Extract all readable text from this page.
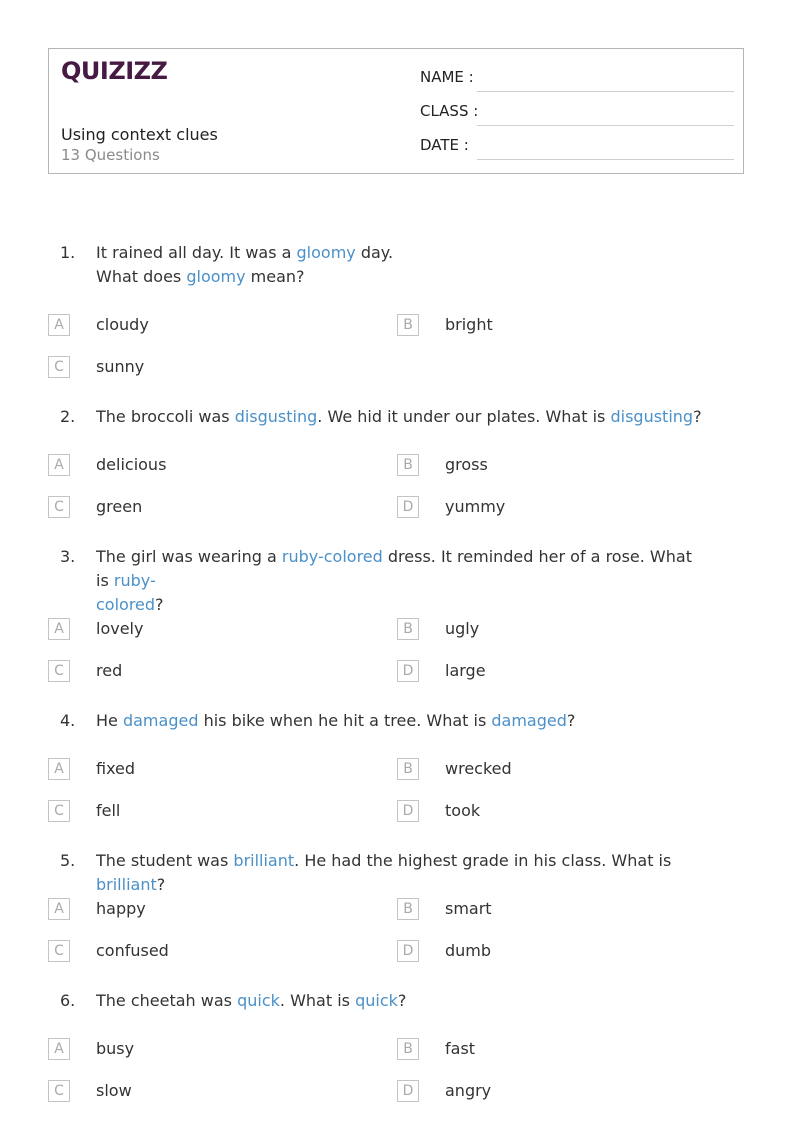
QUIZIZZ
Using context clues
13 Questions
NAME :
CLASS :
DATE :
1. It rained all day. It was a gloomy day.
What does gloomy mean?
A	cloudy	B	bright
C	sunny
2. The broccoli was disgusting. We hid it under our plates. What is disgusting?
A	delicious	B	gross
C	green	D	yummy
3. The girl was wearing a ruby-colored dress. It reminded her of a rose. What is ruby-
colored?
A	lovely	B	ugly
C	red	D	large
4. He damaged his bike when he hit a tree. What is damaged?
A	fixed	B	wrecked
C	fell	D	took
5. The student was brilliant. He had the highest grade in his class. What is brilliant?
A	happy	B	smart
C	confused	D	dumb
6. The cheetah was quick. What is quick?
A	busy	B	fast
C	slow	D	angry
